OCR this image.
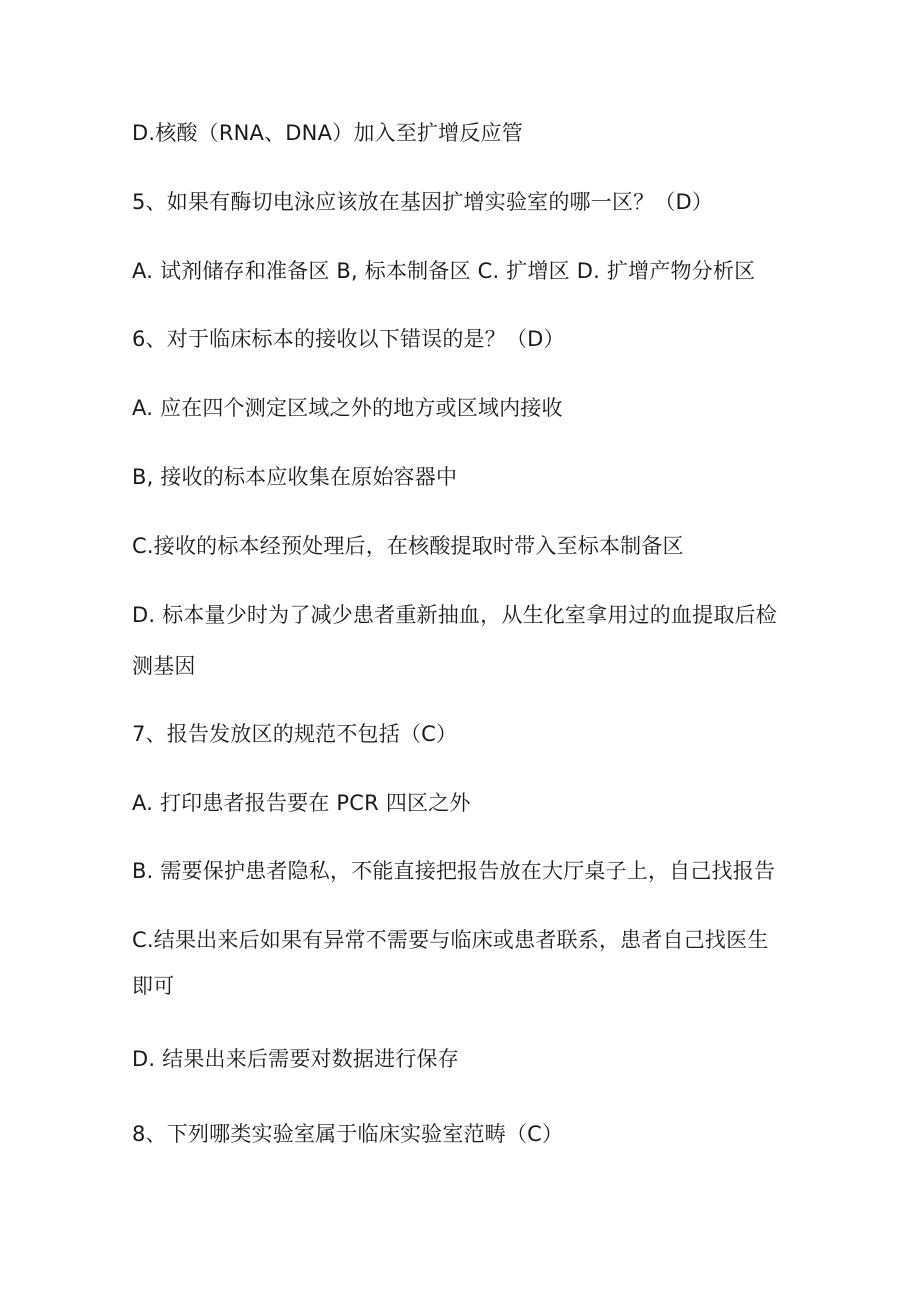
D.核酸（RNA、DNA）加入至扩增反应管

5、如果有酶切电泳应该放在基因扩增实验室的哪一区？（D）

A. 试剂储存和准备区 B, 标本制备区 C. 扩增区 D. 扩增产物分析区

6、对于临床标本的接收以下错误的是？（D）

A. 应在四个测定区域之外的地方或区域内接收

B, 接收的标本应收集在原始容器中

C.接收的标本经预处理后，在核酸提取时带入至标本制备区

D. 标本量少时为了减少患者重新抽血，从生化室拿用过的血提取后检

测基因

7、报告发放区的规范不包括（C）

A. 打印患者报告要在 PCR 四区之外

B. 需要保护患者隐私，不能直接把报告放在大厅桌子上，自己找报告

C.结果出来后如果有异常不需要与临床或患者联系，患者自己找医生

即可

D. 结果出来后需要对数据进行保存

8、下列哪类实验室属于临床实验室范畴（C）
